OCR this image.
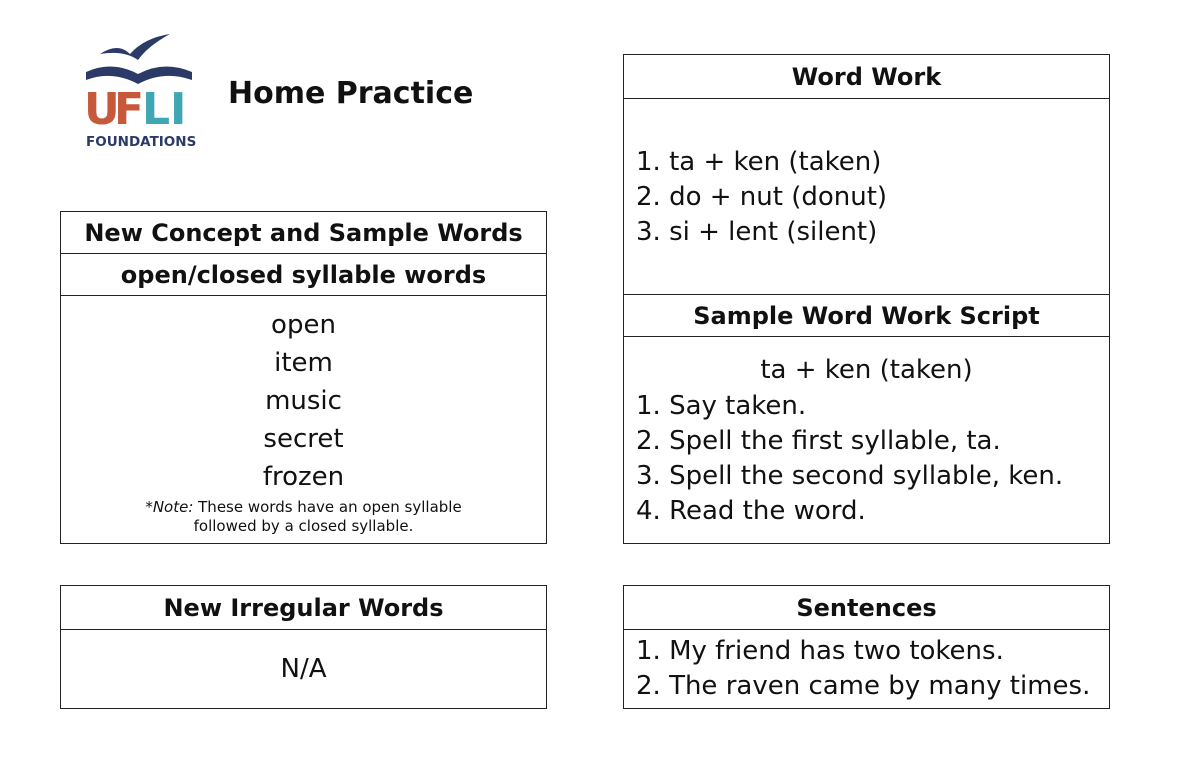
U
F
L I
FOUNDATIONS
Home Practice
New Concept and Sample Words
open/closed syllable words
open
item
music
secret
frozen
*Note: These words have an open syllable
followed by a closed syllable.
New Irregular Words
N/A
Word Work
1. ta + ken (taken)
2. do + nut (donut)
3. si + lent (silent)
Sample Word Work Script
ta + ken (taken)
1. Say taken.
2. Spell the first syllable, ta.
3. Spell the second syllable, ken.
4. Read the word.
Sentences
1. My friend has two tokens.
2. The raven came by many times.
